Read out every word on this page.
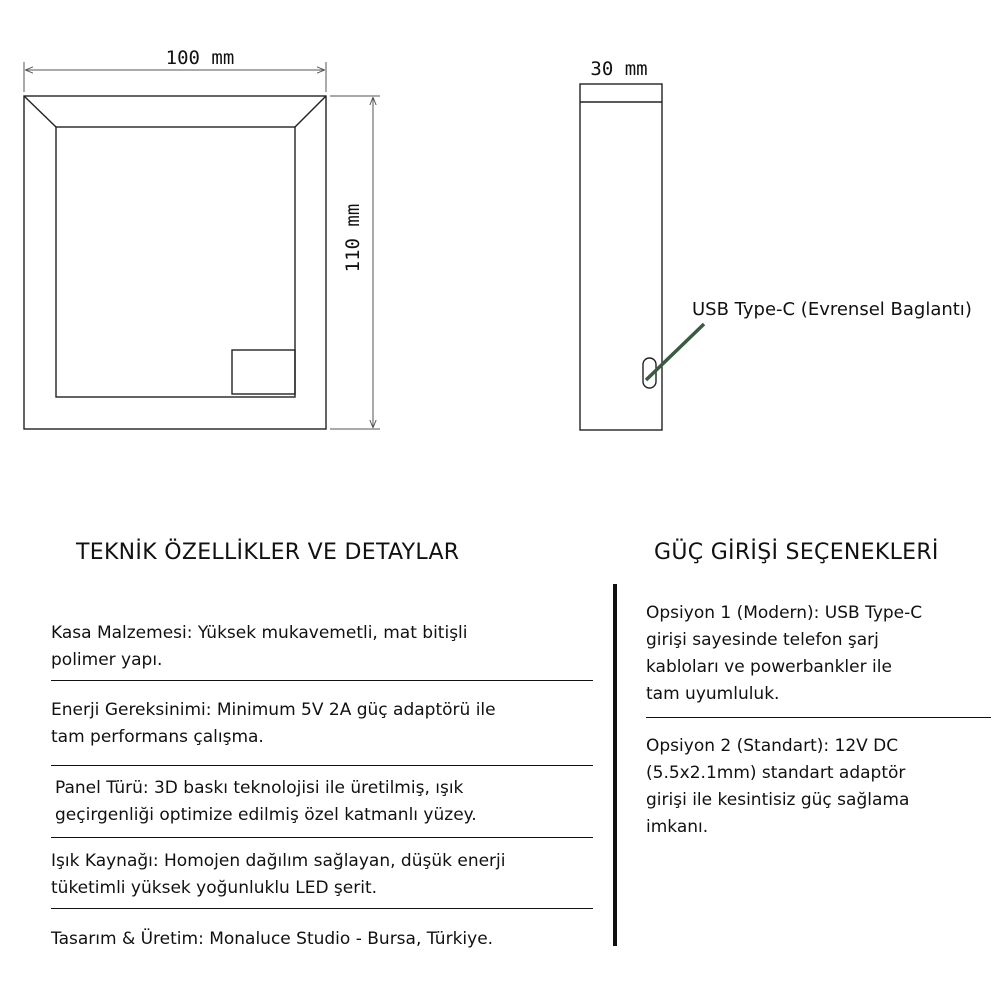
100 mm
110 mm
30 mm
USB Type-C (Evrensel Baglantı)
TEKNİK ÖZELLİKLER VE DETAYLAR	GÜÇ GİRİŞİ SEÇENEKLERİ
Kasa Malzemesi: Yüksek mukavemetli, mat bitişli
polimer yapı.
Enerji Gereksinimi: Minimum 5V 2A güç adaptörü ile
tam performans çalışma.
Panel Türü: 3D baskı teknolojisi ile üretilmiş, ışık
geçirgenliği optimize edilmiş özel katmanlı yüzey.
Işık Kaynağı: Homojen dağılım sağlayan, düşük enerji
tüketimli yüksek yoğunluklu LED şerit.
Tasarım & Üretim: Monaluce Studio - Bursa, Türkiye.
Opsiyon 1 (Modern): USB Type-C
girişi sayesinde telefon şarj
kabloları ve powerbankler ile
tam uyumluluk.
Opsiyon 2 (Standart): 12V DC
(5.5x2.1mm) standart adaptör
girişi ile kesintisiz güç sağlama
imkanı.
